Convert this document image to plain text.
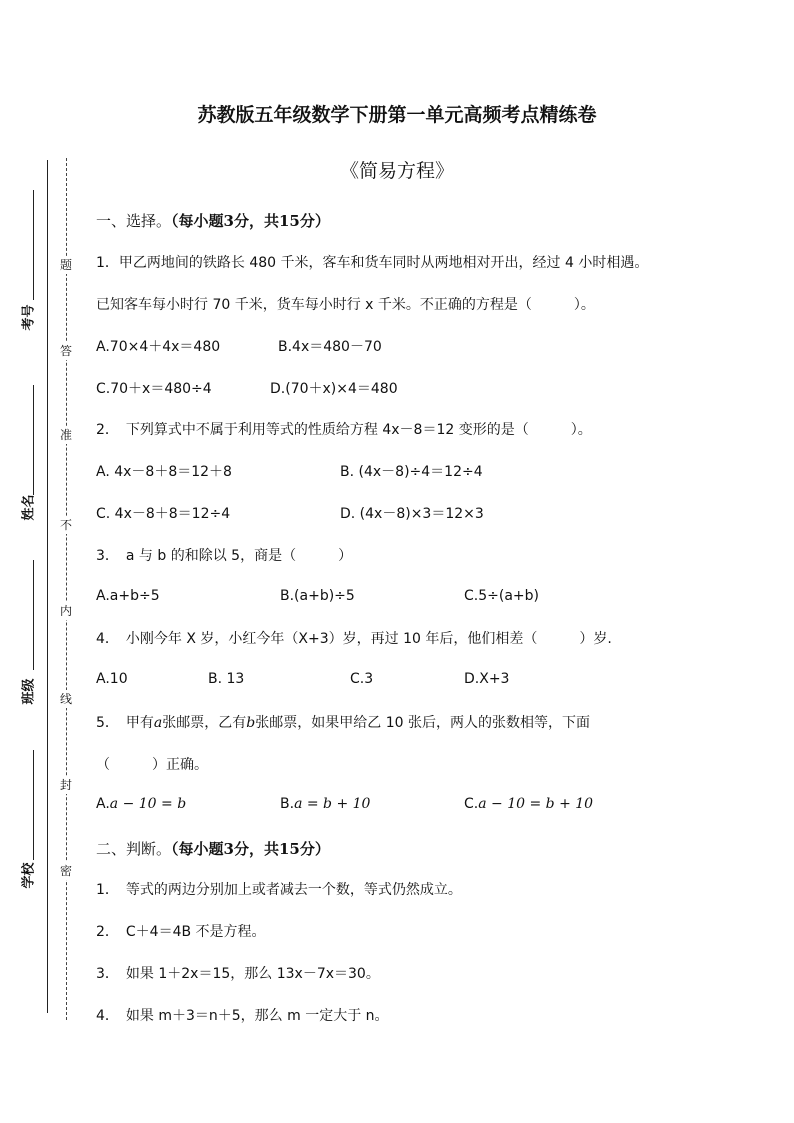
考号
姓名
班级
学校
题
答
准
不
内
线
封
密
苏教版五年级数学下册第一单元高频考点精练卷
《简易方程》
一、选择。（每小题3分，共15分）
1．甲乙两地间的铁路长 480 千米，客车和货车同时从两地相对开出，经过 4 小时相遇。
已知客车每小时行 70 千米，货车每小时行 x 千米。不正确的方程是（　　　）。
A.70×4＋4x＝480	B.4x＝480－70
C.70＋x＝480÷4	D.(70＋x)×4＝480
2．　下列算式中不属于利用等式的性质给方程 4x－8＝12 变形的是（　　　）。
A. 4x－8＋8＝12＋8	B. (4x－8)÷4＝12÷4
C. 4x－8＋8＝12÷4	D. (4x－8)×3＝12×3
3．　a 与 b 的和除以 5，商是（　　　）
A.a+b÷5	B.(a+b)÷5	C.5÷(a+b)
4．　小刚今年 X 岁，小红今年（X+3）岁，再过 10 年后，他们相差（　　　）岁.
A.10	B. 13	C.3	D.X+3
5．　甲有a张邮票，乙有b张邮票，如果甲给乙 10 张后，两人的张数相等，下面
（　　　）正确。
A.a − 10 = b	B.a = b + 10	C.a − 10 = b + 10
二、判断。（每小题3分，共15分）
1．　等式的两边分别加上或者减去一个数，等式仍然成立。
2．　C＋4＝4B 不是方程。
3．　如果 1＋2x＝15，那么 13x－7x＝30。
4．　如果 m＋3＝n＋5，那么 m 一定大于 n。
